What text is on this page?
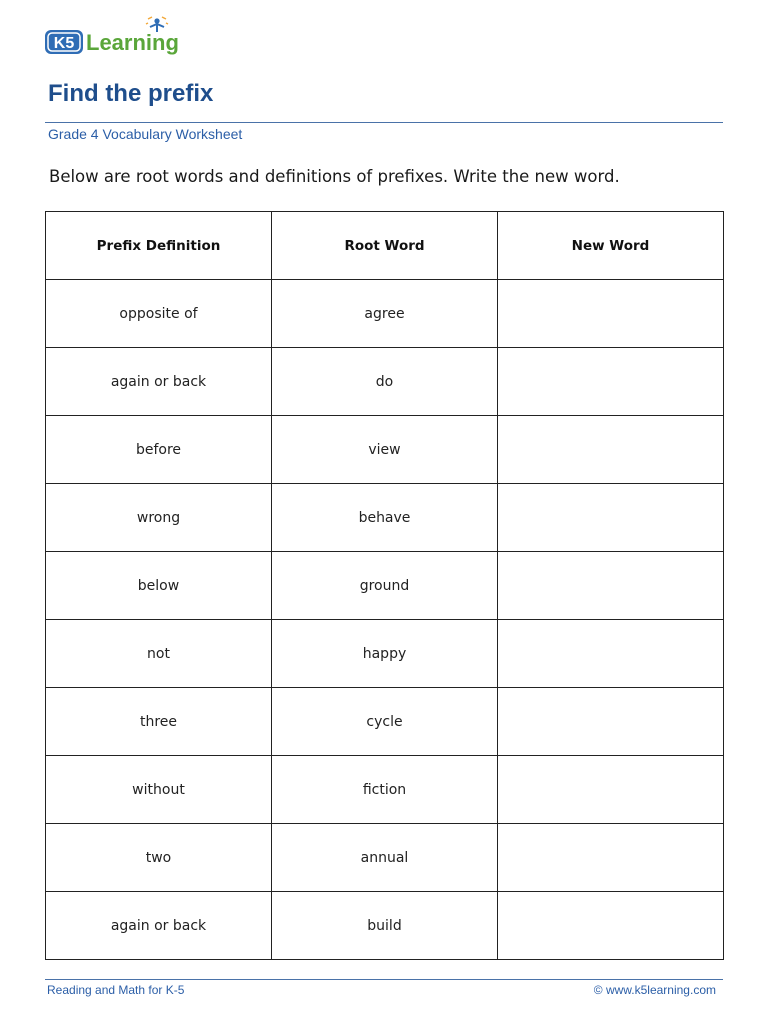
K5 Learning
Find the prefix
Grade 4 Vocabulary Worksheet
Below are root words and definitions of prefixes. Write the new word.
Prefix Definition	Root Word	New Word
opposite of	agree	
again or back	do	
before	view	
wrong	behave	
below	ground	
not	happy	
three	cycle	
without	fiction	
two	annual	
again or back	build	
Reading and Math for K-5	© www.k5learning.com
